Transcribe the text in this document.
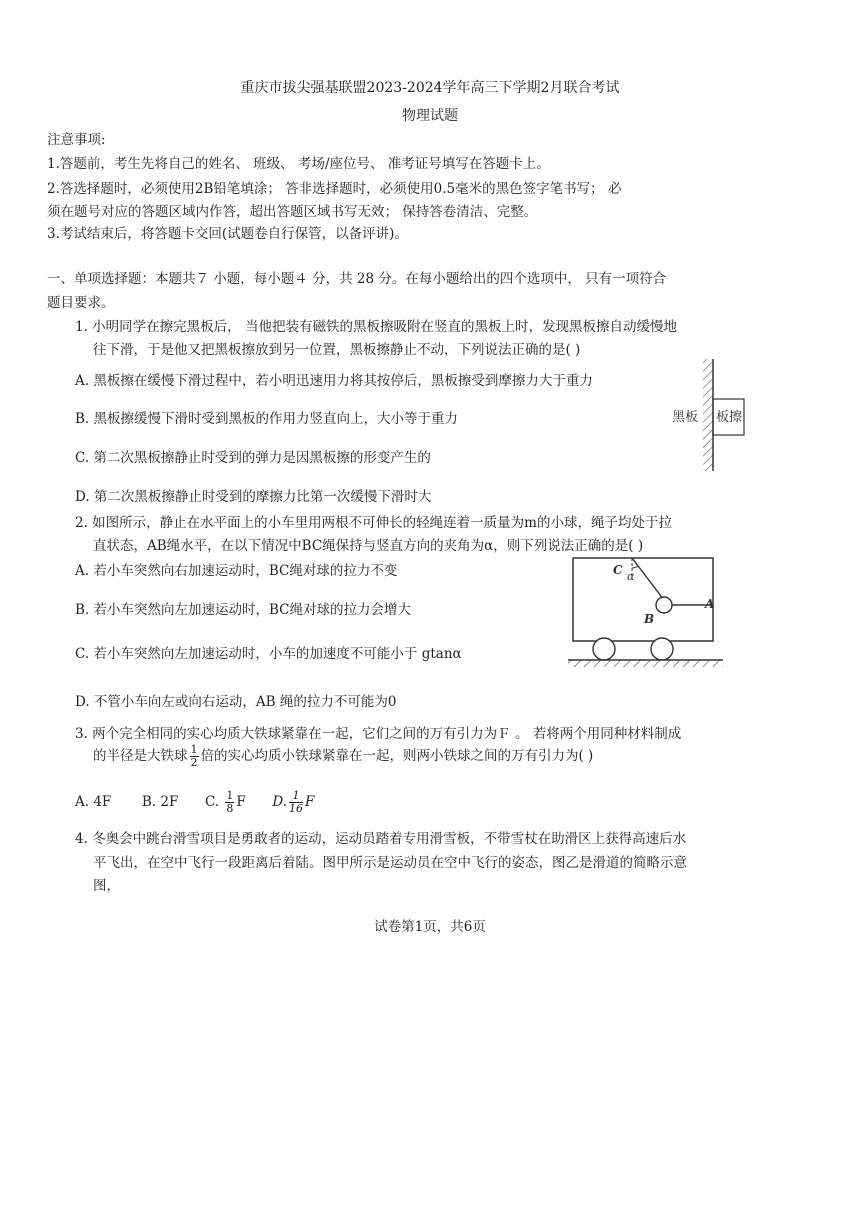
重庆市拔尖强基联盟2023-2024学年高三下学期2月联合考试
物理试题
注意事项:
1.答题前，考生先将自己的姓名、 班级、 考场/座位号、 准考证号填写在答题卡上。
2.答选择题时，必须使用2B铅笔填涂； 答非选择题时，必须使用0.5毫米的黑色签字笔书写； 必
须在题号对应的答题区域内作答，超出答题区域书写无效； 保持答卷清洁、完整。
3.考试结束后，将答题卡交回(试题卷自行保管，以备评讲)。
一、单项选择题：本题共７ 小题，每小题４ 分，共 28 分。在每小题给出的四个选项中， 只有一项符合
题目要求。
1. 小明同学在擦完黑板后， 当他把装有磁铁的黑板擦吸附在竖直的黑板上时，发现黑板擦自动缓慢地
往下滑，于是他又把黑板擦放到另一位置，黑板擦静止不动，下列说法正确的是( )
A. 黑板擦在缓慢下滑过程中，若小明迅速用力将其按停后，黑板擦受到摩擦力大于重力
B. 黑板擦缓慢下滑时受到黑板的作用力竖直向上，大小等于重力
C. 第二次黑板擦静止时受到的弹力是因黑板擦的形变产生的
D. 第二次黑板擦静止时受到的摩擦力比第一次缓慢下滑时大
黑板 板擦
2. 如图所示，静止在水平面上的小车里用两根不可伸长的轻绳连着一质量为m的小球，绳子均处于拉
直状态，AB绳水平，在以下情况中BC绳保持与竖直方向的夹角为α，则下列说法正确的是( )
A. 若小车突然向右加速运动时，BC绳对球的拉力不变
B. 若小车突然向左加速运动时，BC绳对球的拉力会增大
C. 若小车突然向左加速运动时，小车的加速度不可能小于 gtanα
D. 不管小车向左或向右运动，AB 绳的拉力不可能为0
C α
A
B
3. 两个完全相同的实心均质大铁球紧靠在一起，它们之间的万有引力为Ｆ 。 若将两个用同种材料制成
的半径是大铁球 $\frac{1}{2}$ 倍的实心均质小铁球紧靠在一起，则两小铁球之间的万有引力为( )
A. 4F B. 2F C. $\frac{1}{8}$ F D. $\frac{1}{16}$ F
4. 冬奥会中跳台滑雪项目是勇敢者的运动，运动员踏着专用滑雪板，不带雪杖在助滑区上获得高速后水
平飞出，在空中飞行一段距离后着陆。图甲所示是运动员在空中飞行的姿态，图乙是滑道的简略示意
图，
试卷第1页，共6页
